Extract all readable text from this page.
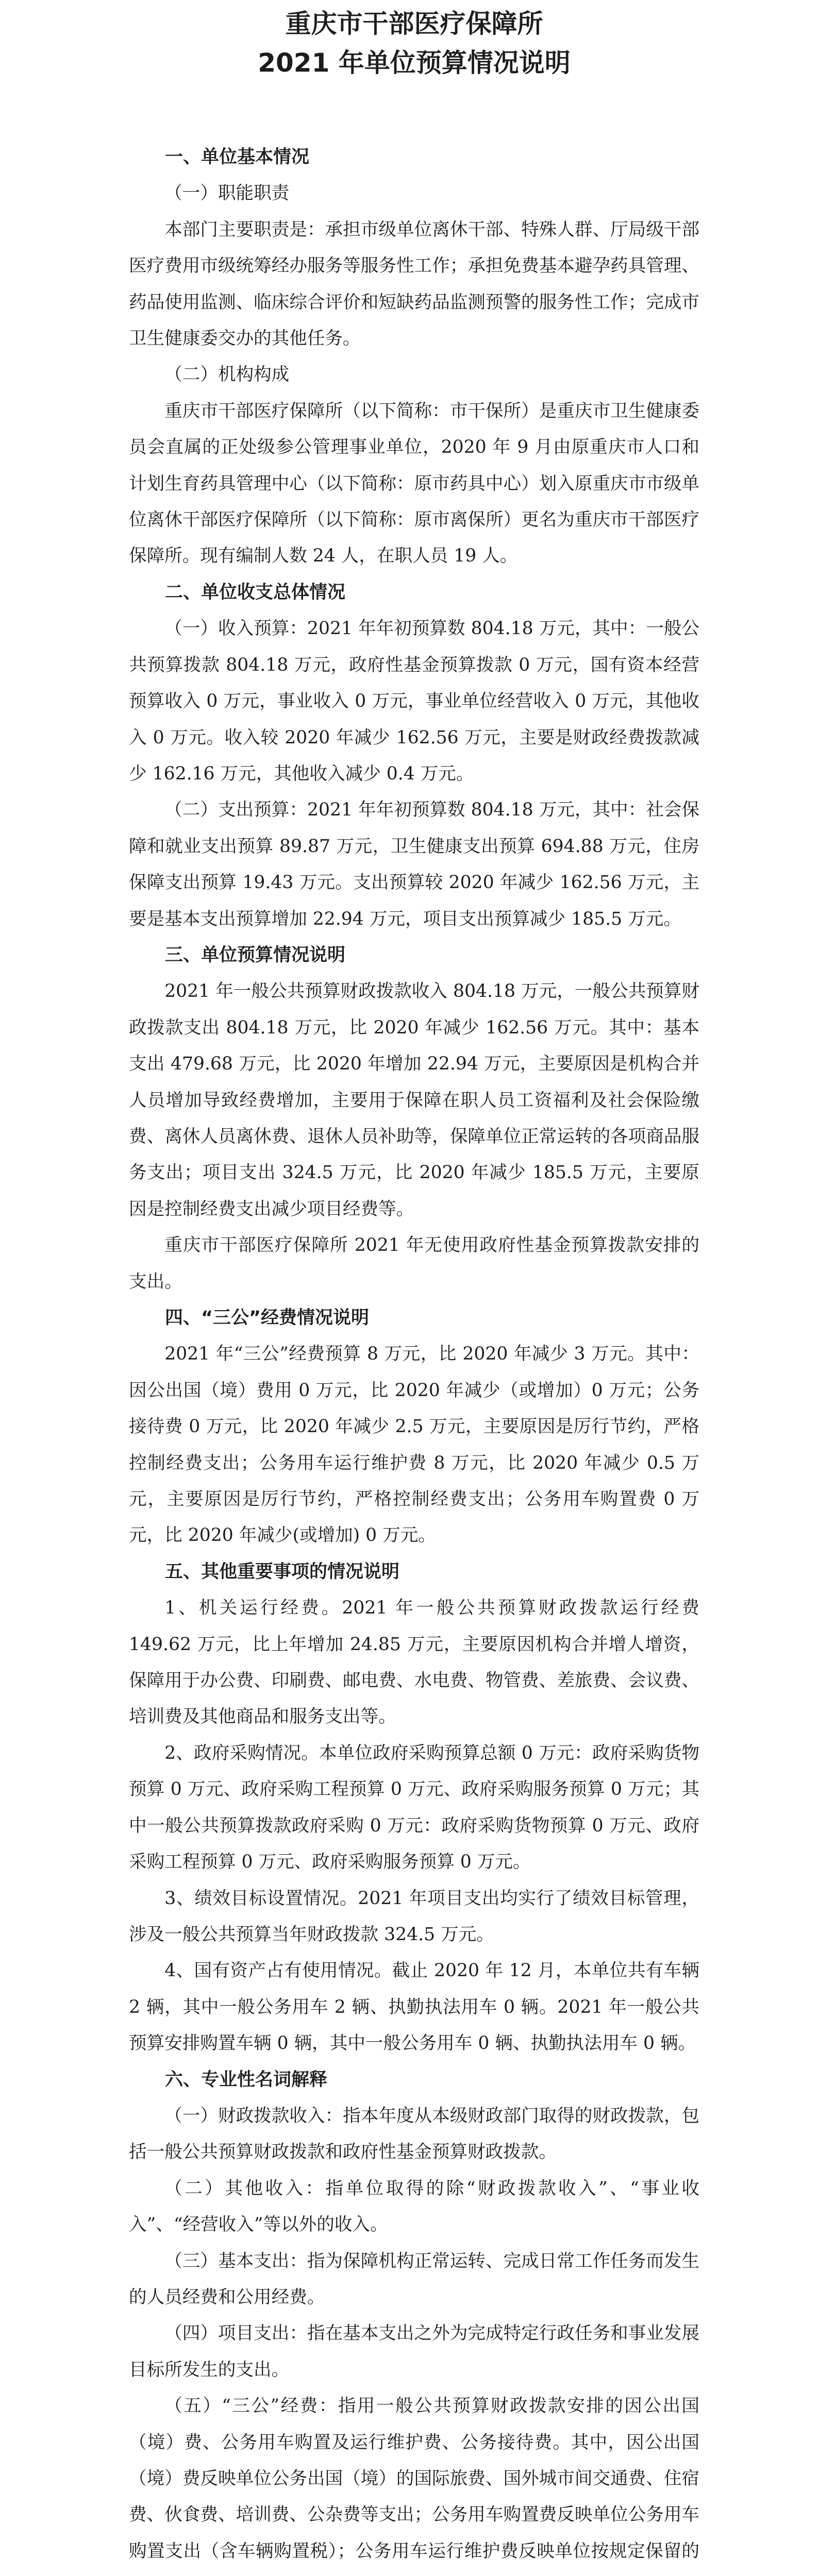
重庆市干部医疗保障所
2021 年单位预算情况说明

一、单位基本情况

（一）职能职责

本部门主要职责是：承担市级单位离休干部、特殊人群、厅局级干部医疗费用市级统筹经办服务等服务性工作；承担免费基本避孕药具管理、药品使用监测、临床综合评价和短缺药品监测预警的服务性工作；完成市卫生健康委交办的其他任务。

（二）机构构成

重庆市干部医疗保障所（以下简称：市干保所）是重庆市卫生健康委员会直属的正处级参公管理事业单位，2020 年 9 月由原重庆市人口和计划生育药具管理中心（以下简称：原市药具中心）划入原重庆市市级单位离休干部医疗保障所（以下简称：原市离保所）更名为重庆市干部医疗保障所。现有编制人数 24 人，在职人员 19 人。

二、单位收支总体情况

（一）收入预算：2021 年年初预算数 804.18 万元，其中：一般公共预算拨款 804.18 万元，政府性基金预算拨款 0 万元，国有资本经营预算收入 0 万元，事业收入 0 万元，事业单位经营收入 0 万元，其他收入 0 万元。收入较 2020 年减少 162.56 万元，主要是财政经费拨款减少 162.16 万元，其他收入减少 0.4 万元。

（二）支出预算：2021 年年初预算数 804.18 万元，其中：社会保障和就业支出预算 89.87 万元，卫生健康支出预算 694.88 万元，住房保障支出预算 19.43 万元。支出预算较 2020 年减少 162.56 万元，主要是基本支出预算增加 22.94 万元，项目支出预算减少 185.5 万元。

三、单位预算情况说明

2021 年一般公共预算财政拨款收入 804.18 万元，一般公共预算财政拨款支出 804.18 万元，比 2020 年减少 162.56 万元。其中：基本支出 479.68 万元，比 2020 年增加 22.94 万元，主要原因是机构合并人员增加导致经费增加，主要用于保障在职人员工资福利及社会保险缴费、离休人员离休费、退休人员补助等，保障单位正常运转的各项商品服务支出；项目支出 324.5 万元，比 2020 年减少 185.5 万元，主要原因是控制经费支出减少项目经费等。

重庆市干部医疗保障所 2021 年无使用政府性基金预算拨款安排的支出。

四、“三公”经费情况说明

2021 年“三公”经费预算 8 万元，比 2020 年减少 3 万元。其中：因公出国（境）费用 0 万元，比 2020 年减少（或增加）0 万元；公务接待费 0 万元，比 2020 年减少 2.5 万元，主要原因是厉行节约，严格控制经费支出；公务用车运行维护费 8 万元，比 2020 年减少 0.5 万元，主要原因是厉行节约，严格控制经费支出；公务用车购置费 0 万元，比 2020 年减少(或增加) 0 万元。

五、其他重要事项的情况说明

1、机关运行经费。2021 年一般公共预算财政拨款运行经费 149.62 万元，比上年增加 24.85 万元，主要原因机构合并增人增资，保障用于办公费、印刷费、邮电费、水电费、物管费、差旅费、会议费、培训费及其他商品和服务支出等。

2、政府采购情况。本单位政府采购预算总额 0 万元：政府采购货物预算 0 万元、政府采购工程预算 0 万元、政府采购服务预算 0 万元；其中一般公共预算拨款政府采购 0 万元：政府采购货物预算 0 万元、政府采购工程预算 0 万元、政府采购服务预算 0 万元。

3、绩效目标设置情况。2021 年项目支出均实行了绩效目标管理，涉及一般公共预算当年财政拨款 324.5 万元。

4、国有资产占有使用情况。截止 2020 年 12 月，本单位共有车辆 2 辆，其中一般公务用车 2 辆、执勤执法用车 0 辆。2021 年一般公共预算安排购置车辆 0 辆，其中一般公务用车 0 辆、执勤执法用车 0 辆。

六、专业性名词解释

（一）财政拨款收入：指本年度从本级财政部门取得的财政拨款，包括一般公共预算财政拨款和政府性基金预算财政拨款。

（二）其他收入：指单位取得的除“财政拨款收入”、“事业收入”、“经营收入”等以外的收入。

（三）基本支出：指为保障机构正常运转、完成日常工作任务而发生的人员经费和公用经费。

（四）项目支出：指在基本支出之外为完成特定行政任务和事业发展目标所发生的支出。

（五）“三公”经费：指用一般公共预算财政拨款安排的因公出国（境）费、公务用车购置及运行维护费、公务接待费。其中，因公出国（境）费反映单位公务出国（境）的国际旅费、国外城市间交通费、住宿费、伙食费、培训费、公杂费等支出；公务用车购置费反映单位公务用车购置支出（含车辆购置税）；公务用车运行维护费反映单位按规定保留的
